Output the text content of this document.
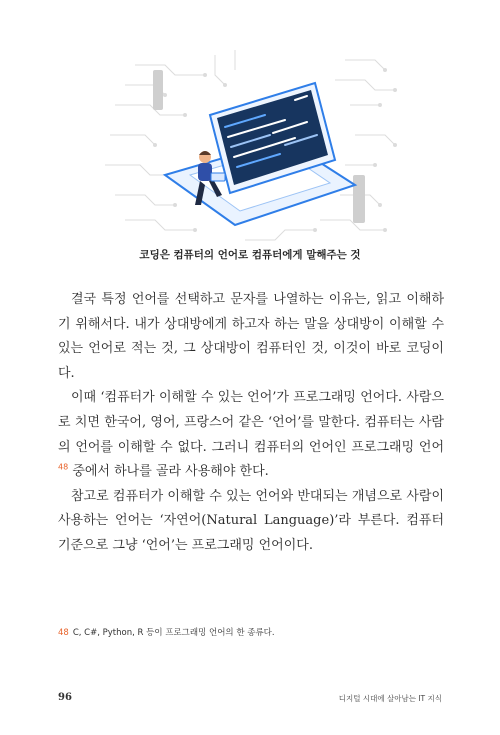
코딩은 컴퓨터의 언어로 컴퓨터에게 말해주는 것

결국 특정 언어를 선택하고 문자를 나열하는 이유는, 읽고 이해하기 위해서다. 내가 상대방에게 하고자 하는 말을 상대방이 이해할 수 있는 언어로 적는 것, 그 상대방이 컴퓨터인 것, 이것이 바로 코딩이다.

이때 ‘컴퓨터가 이해할 수 있는 언어’가 프로그래밍 언어다. 사람으로 치면 한국어, 영어, 프랑스어 같은 ‘언어’를 말한다. 컴퓨터는 사람의 언어를 이해할 수 없다. 그러니 컴퓨터의 언어인 프로그래밍 언어$^{48}$ 중에서 하나를 골라 사용해야 한다.

참고로 컴퓨터가 이해할 수 있는 언어와 반대되는 개념으로 사람이 사용하는 언어는 ‘자연어(Natural Language)’라 부른다. 컴퓨터 기준으로 그냥 ‘언어’는 프로그래밍 언어이다.

48 C, C#, Python, R 등이 프로그래밍 언어의 한 종류다.
96	디지털 시대에 살아남는 IT 지식
